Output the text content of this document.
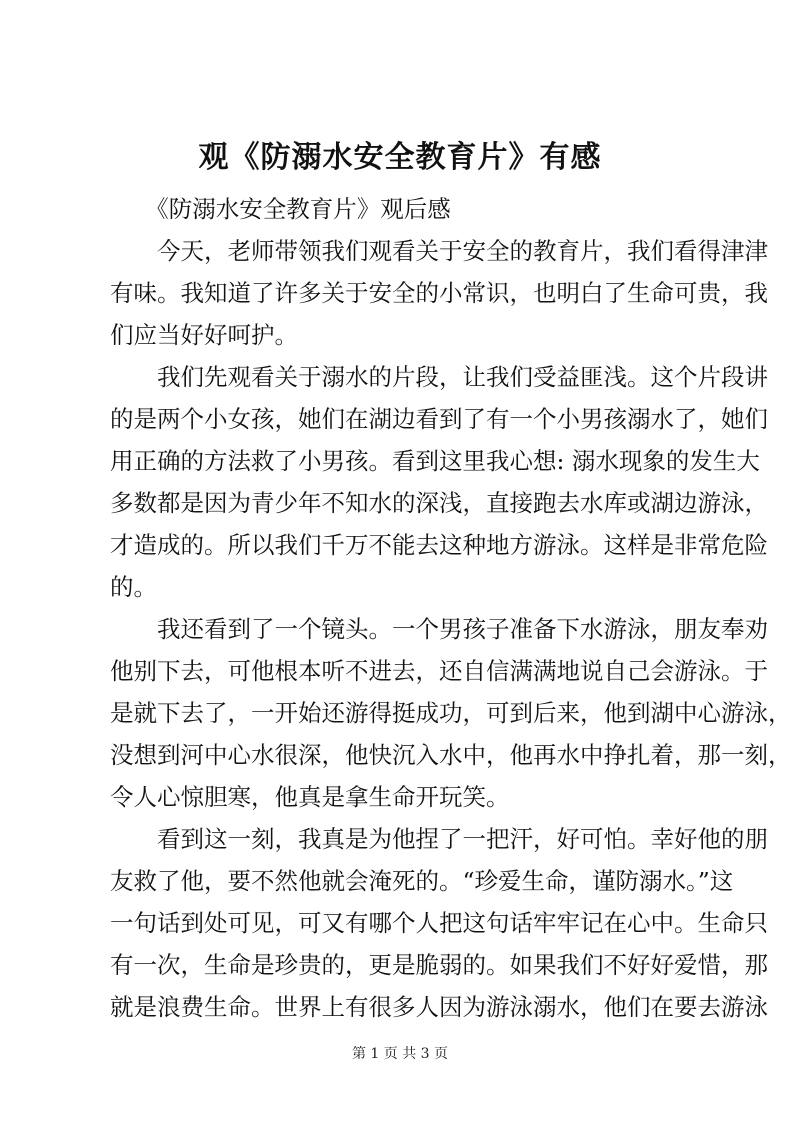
观《防溺水安全教育片》有感
　　《防溺水安全教育片》观后感
　　今天，老师带领我们观看关于安全的教育片，我们看得津津
有味。我知道了许多关于安全的小常识，也明白了生命可贵，我
们应当好好呵护。
　　我们先观看关于溺水的片段，让我们受益匪浅。这个片段讲
的是两个小女孩，她们在湖边看到了有一个小男孩溺水了，她们
用正确的方法救了小男孩。看到这里我心想: 溺水现象的发生大
多数都是因为青少年不知水的深浅，直接跑去水库或湖边游泳，
才造成的。所以我们千万不能去这种地方游泳。这样是非常危险
的。
　　我还看到了一个镜头。一个男孩子准备下水游泳，朋友奉劝
他别下去，可他根本听不进去，还自信满满地说自己会游泳。于
是就下去了，一开始还游得挺成功，可到后来，他到湖中心游泳，
没想到河中心水很深，他快沉入水中，他再水中挣扎着，那一刻，
令人心惊胆寒，他真是拿生命开玩笑。
　　看到这一刻，我真是为他捏了一把汗，好可怕。幸好他的朋
友救了他，要不然他就会淹死的。“珍爱生命，谨防溺水。”这
一句话到处可见，可又有哪个人把这句话牢牢记在心中。生命只
有一次，生命是珍贵的，更是脆弱的。如果我们不好好爱惜，那
就是浪费生命。世界上有很多人因为游泳溺水，他们在要去游泳
第 1 页 共 3 页
